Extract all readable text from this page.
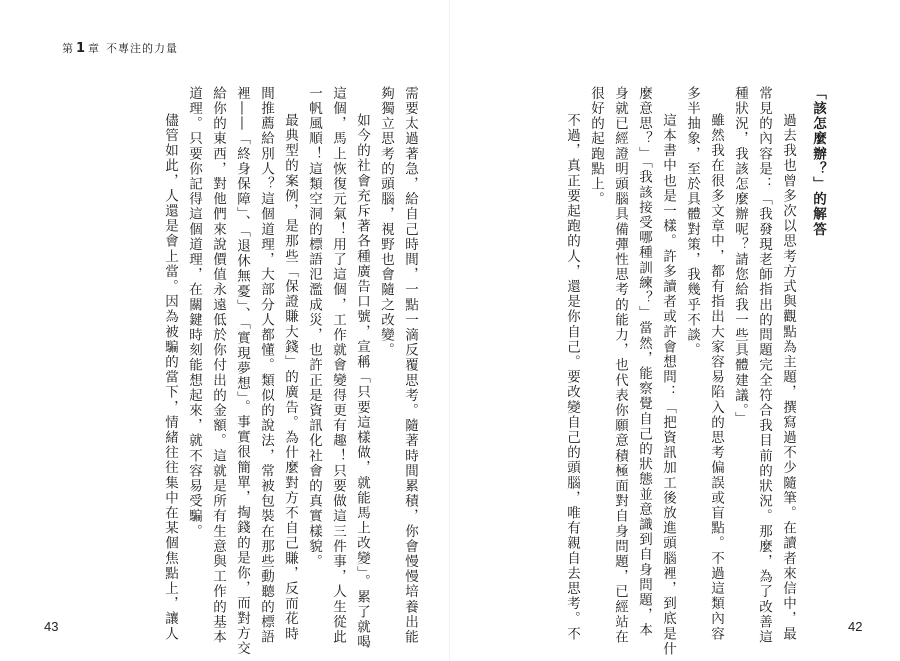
第 1 章 不專注的力量

需要太過著急，給自己時間，一點一滴反覆思考。隨著時間累積，你會慢慢培養出能

夠獨立思考的頭腦，視野也會隨之改變。

如今的社會充斥著各種廣告口號，宣稱「只要這樣做，就能馬上改變」。累了就喝

這個，馬上恢復元氣！用了這個，工作就會變得更有趣！只要做這三件事，人生從此

一帆風順！這類空洞的標語氾濫成災，也許正是資訊化社會的真實樣貌。

最典型的案例，是那些「保證賺大錢」的廣告。為什麼對方不自己賺，反而花時

間推薦給別人？這個道理，大部分人都懂。類似的說法，常被包裝在那些動聽的標語

裡――「終身保障」、「退休無憂」、「實現夢想」。事實很簡單，掏錢的是你，而對方交

給你的東西，對他們來說價值永遠低於你付出的金額。這就是所有生意與工作的基本

道理。只要你記得這個道理，在關鍵時刻能想起來，就不容易受騙。

儘管如此，人還是會上當。因為被騙的當下，情緒往往集中在某個焦點上，讓人

43

「該怎麼辦？」的解答

過去我也曾多次以思考方式與觀點為主題，撰寫過不少隨筆。在讀者來信中，最

常見的內容是：「我發現老師指出的問題完全符合我目前的狀況。那麼，為了改善這

種狀況，我該怎麼辦呢？請您給我一些具體建議。」

雖然我在很多文章中，都有指出大家容易陷入的思考偏誤或盲點。不過這類內容

多半抽象，至於具體對策，我幾乎不談。

這本書中也是一樣。許多讀者或許會想問：「把資訊加工後放進頭腦裡，到底是什

麼意思？」「我該接受哪種訓練？」當然，能察覺自己的狀態並意識到自身問題，本

身就已經證明頭腦具備彈性思考的能力，也代表你願意積極面對自身問題，已經站在

很好的起跑點上。

不過，真正要起跑的人，還是你自己。要改變自己的頭腦，唯有親自去思考。不	42
